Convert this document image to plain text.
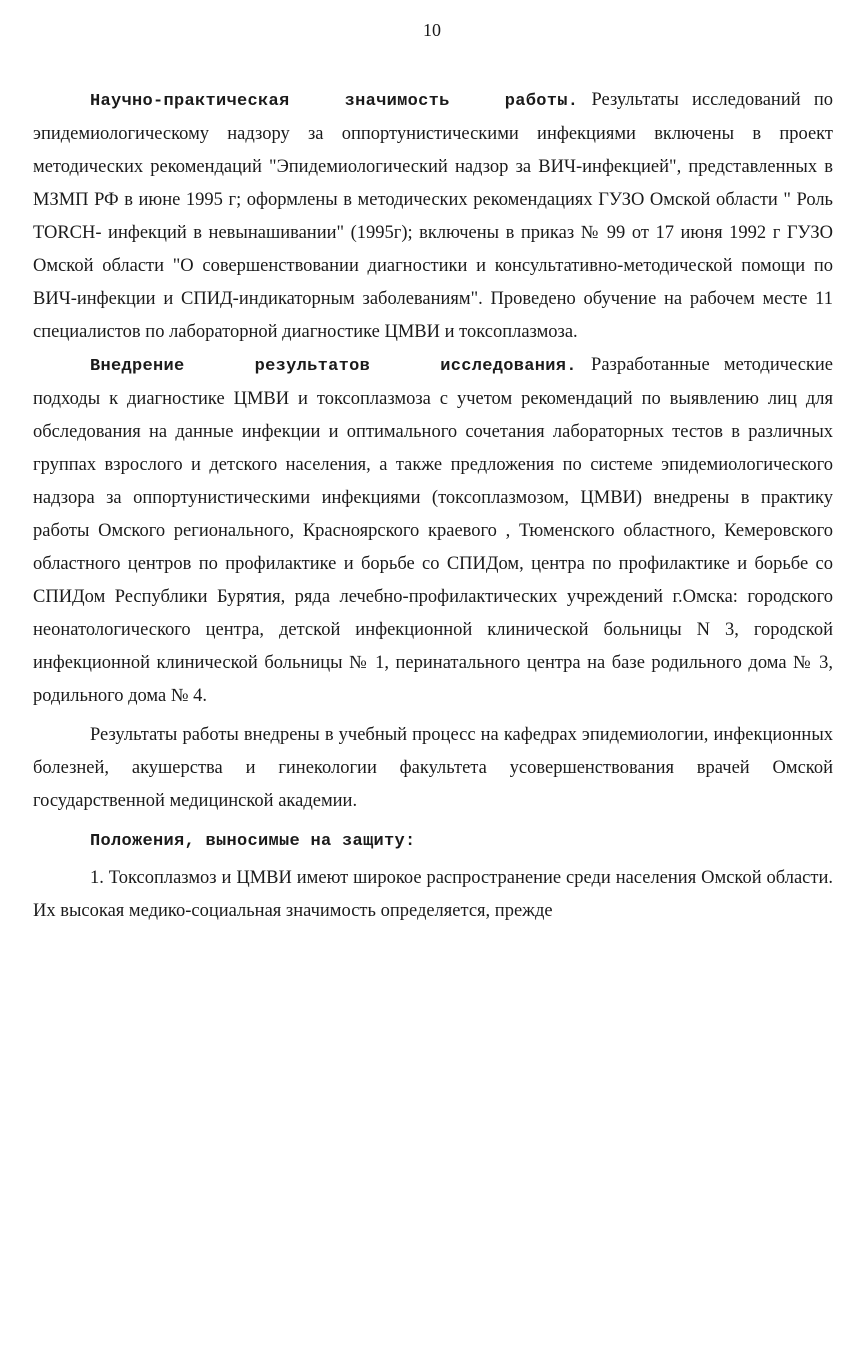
10

Научно-практическая значимость работы. Результаты исследований по эпидемиологическому надзору за оппортунистическими инфекциями включены в проект методических рекомендаций "Эпидемиологический надзор за ВИЧ-инфекцией", представленных в МЗМП РФ в июне 1995 г; оформлены в методических рекомендациях ГУЗО Омской области " Роль TORCH- инфекций в невынашивании" (1995г); включены в приказ № 99 от 17 июня 1992 г ГУЗО Омской области "О совершенствовании диагностики и консультативно-методической помощи по ВИЧ-инфекции и СПИД-индикаторным заболеваниям". Проведено обучение на рабочем месте 11 специалистов по лабораторной диагностике ЦМВИ и токсоплазмоза.

Внедрение результатов исследования. Разработанные методические подходы к диагностике ЦМВИ и токсоплазмоза с учетом рекомендаций по выявлению лиц для обследования на данные инфекции и оптимального сочетания лабораторных тестов в различных группах взрослого и детского населения, а также предложения по системе эпидемиологического надзора за оппортунистическими инфекциями (токсоплазмозом, ЦМВИ) внедрены в практику работы Омского регионального, Красноярского краевого , Тюменского областного, Кемеровского областного центров по профилактике и борьбе со СПИДом, центра по профилактике и борьбе со СПИДом Республики Бурятия, ряда лечебно-профилактических учреждений г.Омска: городского неонатологического центра, детской инфекционной клинической больницы N 3, городской инфекционной клинической больницы № 1, перинатального центра на базе родильного дома № 3, родильного дома № 4.

Результаты работы внедрены в учебный процесс на кафедрах эпидемиологии, инфекционных болезней, акушерства и гинекологии факультета усовершенствования врачей Омской государственной медицинской академии.

Положения, выносимые на защиту:

1. Токсоплазмоз и ЦМВИ имеют широкое распространение среди населения Омской области. Их высокая медико-социальная значимость определяется, прежде
